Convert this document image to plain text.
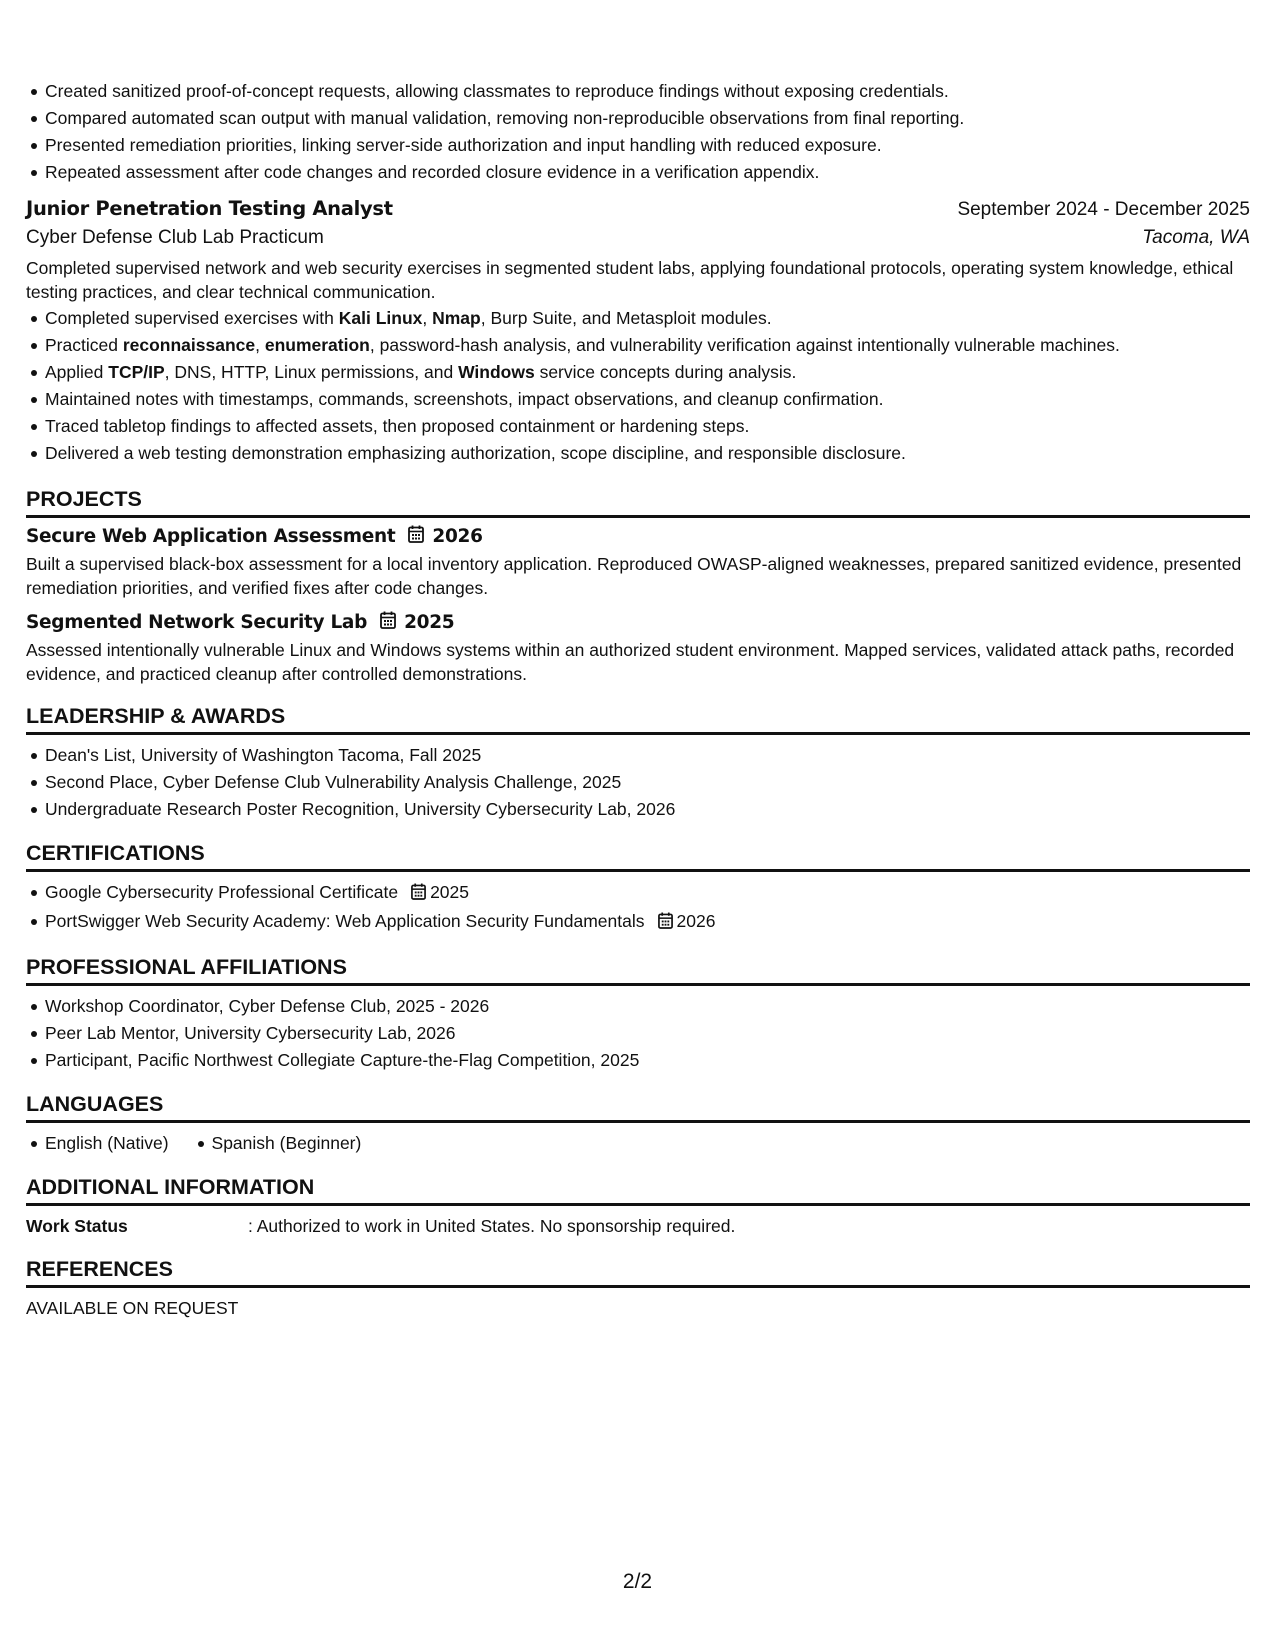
Created sanitized proof-of-concept requests, allowing classmates to reproduce findings without exposing credentials.
Compared automated scan output with manual validation, removing non-reproducible observations from final reporting.
Presented remediation priorities, linking server-side authorization and input handling with reduced exposure.
Repeated assessment after code changes and recorded closure evidence in a verification appendix.
Junior Penetration Testing Analyst	September 2024 - December 2025
Cyber Defense Club Lab Practicum	Tacoma, WA
Completed supervised network and web security exercises in segmented student labs, applying foundational protocols, operating system knowledge, ethical testing practices, and clear technical communication.
Completed supervised exercises with Kali Linux, Nmap, Burp Suite, and Metasploit modules.
Practiced reconnaissance, enumeration, password-hash analysis, and vulnerability verification against intentionally vulnerable machines.
Applied TCP/IP, DNS, HTTP, Linux permissions, and Windows service concepts during analysis.
Maintained notes with timestamps, commands, screenshots, impact observations, and cleanup confirmation.
Traced tabletop findings to affected assets, then proposed containment or hardening steps.
Delivered a web testing demonstration emphasizing authorization, scope discipline, and responsible disclosure.
PROJECTS
Secure Web Application Assessment 2026
Built a supervised black-box assessment for a local inventory application. Reproduced OWASP-aligned weaknesses, prepared sanitized evidence, presented remediation priorities, and verified fixes after code changes.
Segmented Network Security Lab 2025
Assessed intentionally vulnerable Linux and Windows systems within an authorized student environment. Mapped services, validated attack paths, recorded evidence, and practiced cleanup after controlled demonstrations.
LEADERSHIP & AWARDS
Dean's List, University of Washington Tacoma, Fall 2025
Second Place, Cyber Defense Club Vulnerability Analysis Challenge, 2025
Undergraduate Research Poster Recognition, University Cybersecurity Lab, 2026
CERTIFICATIONS
Google Cybersecurity Professional Certificate 2025
PortSwigger Web Security Academy: Web Application Security Fundamentals 2026
PROFESSIONAL AFFILIATIONS
Workshop Coordinator, Cyber Defense Club, 2025 - 2026
Peer Lab Mentor, University Cybersecurity Lab, 2026
Participant, Pacific Northwest Collegiate Capture-the-Flag Competition, 2025
LANGUAGES
English (Native)	Spanish (Beginner)
ADDITIONAL INFORMATION
Work Status	: Authorized to work in United States. No sponsorship required.
REFERENCES
AVAILABLE ON REQUEST
2/2
